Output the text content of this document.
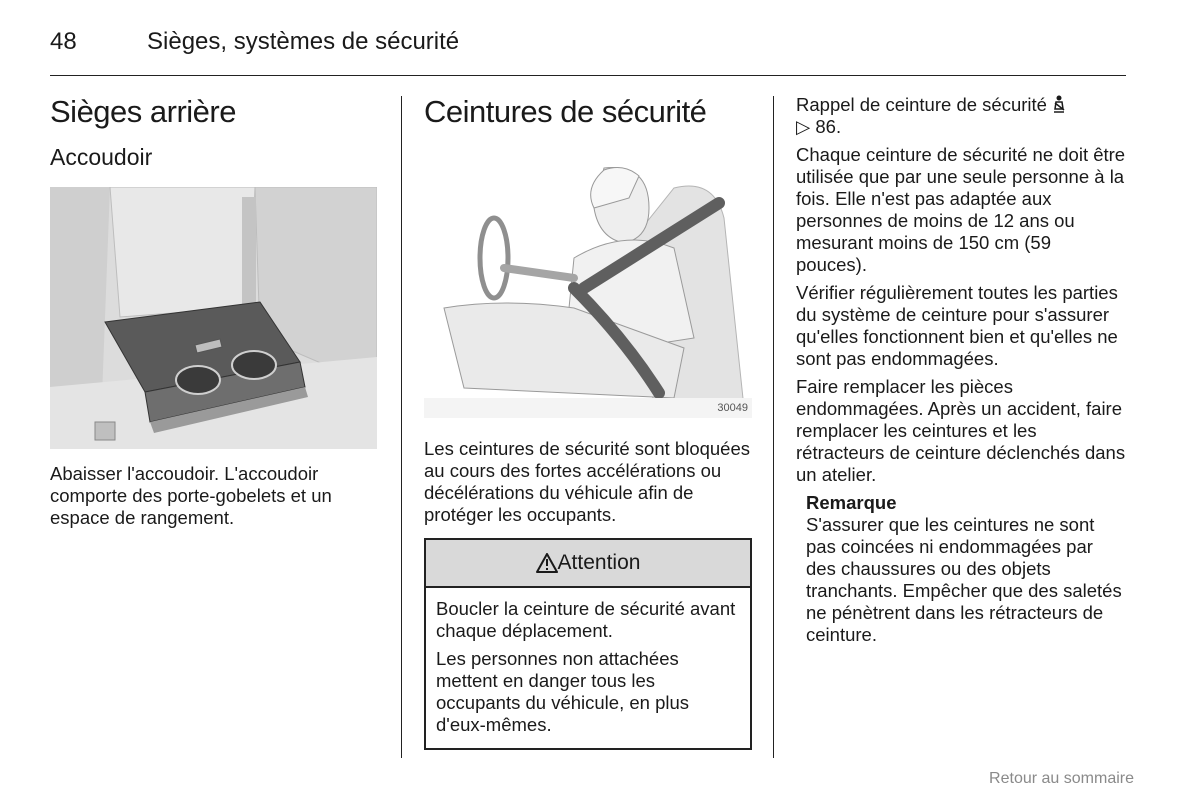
48	Sièges, systèmes de sécurité
Sièges arrière
Accoudoir

Abaisser l'accoudoir. L'accoudoir comporte des porte-gobelets et un espace de rangement.

Ceintures de sécurité
30049

Les ceintures de sécurité sont bloquées au cours des fortes accélérations ou décélérations du véhicule afin de protéger les occupants.

Attention

Boucler la ceinture de sécurité avant chaque déplacement.

Les personnes non attachées mettent en danger tous les occupants du véhicule, en plus d'eux-mêmes.

Rappel de ceinture de sécurité
▷ 86.

Chaque ceinture de sécurité ne doit être utilisée que par une seule personne à la fois. Elle n'est pas adaptée aux personnes de moins de 12 ans ou mesurant moins de 150 cm (59 pouces).

Vérifier régulièrement toutes les parties du système de ceinture pour s'assurer qu'elles fonctionnent bien et qu'elles ne sont pas endommagées.

Faire remplacer les pièces endommagées. Après un accident, faire remplacer les ceintures et les rétracteurs de ceinture déclenchés dans un atelier.

Remarque

S'assurer que les ceintures ne sont pas coincées ni endommagées par des chaussures ou des objets tranchants. Empêcher que des saletés ne pénètrent dans les rétracteurs de ceinture.

Retour au sommaire
